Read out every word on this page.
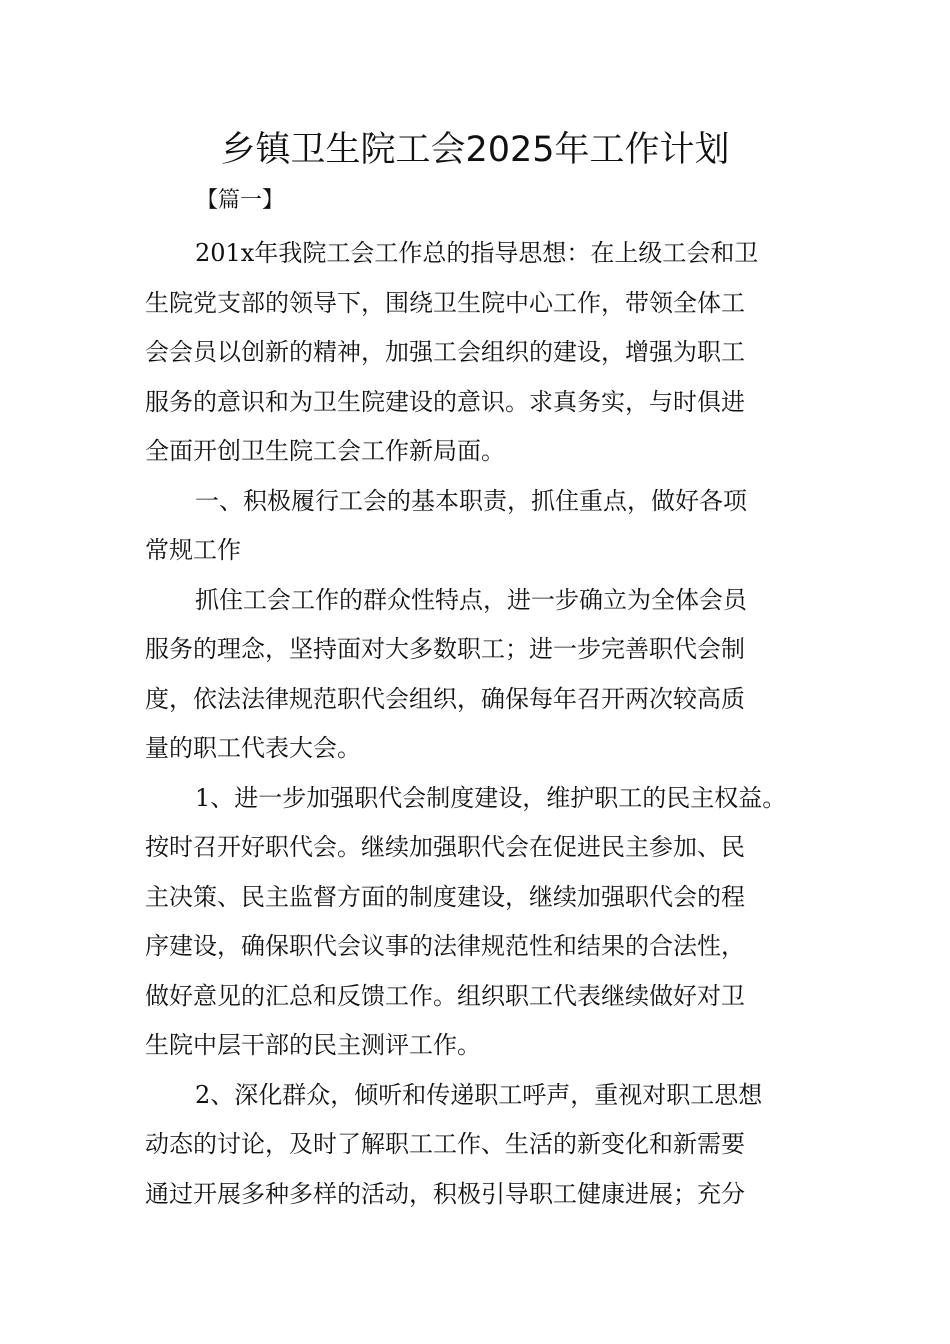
乡镇卫生院工会2025年工作计划

【篇一】

201x年我院工会工作总的指导思想：在上级工会和卫
生院党支部的领导下，围绕卫生院中心工作，带领全体工
会会员以创新的精神，加强工会组织的建设，增强为职工
服务的意识和为卫生院建设的意识。求真务实，与时俱进
全面开创卫生院工会工作新局面。
一、积极履行工会的基本职责，抓住重点，做好各项
常规工作
抓住工会工作的群众性特点，进一步确立为全体会员
服务的理念，坚持面对大多数职工；进一步完善职代会制
度，依法法律规范职代会组织，确保每年召开两次较高质
量的职工代表大会。
1、进一步加强职代会制度建设，维护职工的民主权益。
按时召开好职代会。继续加强职代会在促进民主参加、民
主决策、民主监督方面的制度建设，继续加强职代会的程
序建设，确保职代会议事的法律规范性和结果的合法性，
做好意见的汇总和反馈工作。组织职工代表继续做好对卫
生院中层干部的民主测评工作。
2、深化群众，倾听和传递职工呼声，重视对职工思想
动态的讨论，及时了解职工工作、生活的新变化和新需要
通过开展多种多样的活动，积极引导职工健康进展；充分
